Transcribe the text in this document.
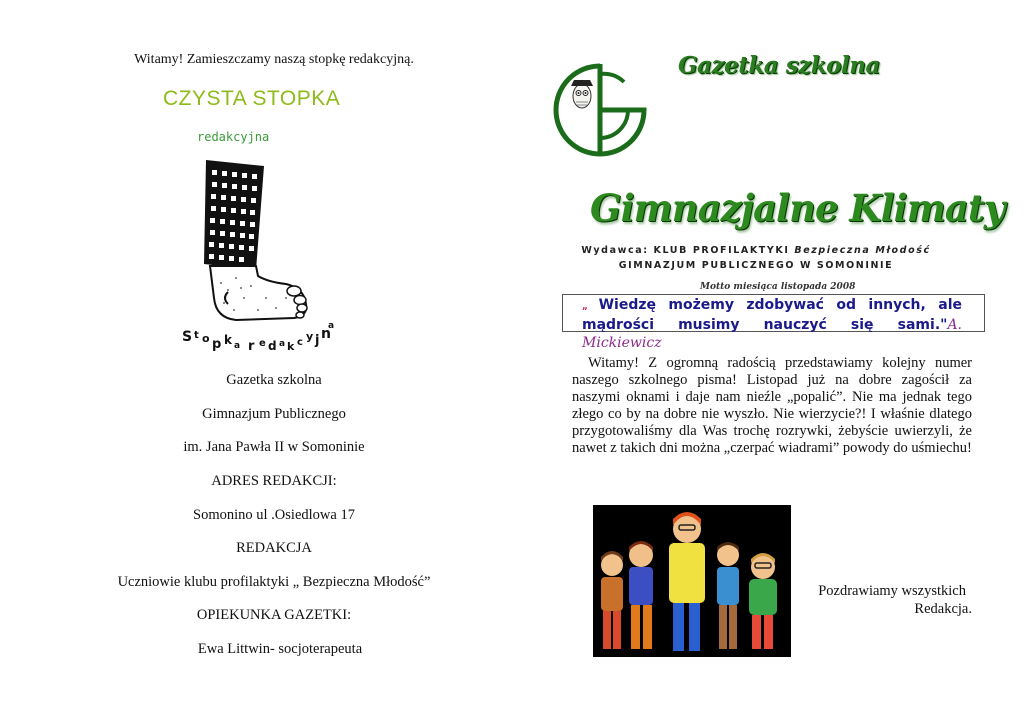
Witamy! Zamieszczamy naszą stopkę redakcyjną.
CZYSTA STOPKA
redakcyjna
S t o p k a r e d a k c y j n
a
Gazetka szkolna
Gimnazjum Publicznego
im. Jana Pawła II w Somoninie
ADRES REDAKCJI:
Somonino ul .Osiedlowa 17
REDAKCJA
Uczniowie klubu profilaktyki „ Bezpieczna Młodość”
OPIEKUNKA GAZETKI:
Ewa Littwin- socjoterapeuta
Gazetka szkolna
Gimnazjalne Klimaty
Wydawca: KLUB PROFILAKTYKI Bezpieczna Młodość
GIMNAZJUM PUBLICZNEGO W SOMONINIE
Motto miesiąca listopada 2008
„ Wiedzę możemy zdobywać od innych, ale mądrości musimy nauczyć się sami."A. Mickiewicz
Witamy! Z ogromną radością przedstawiamy kolejny numer naszego szkolnego pisma! Listopad już na dobre zagościł za naszymi oknami i daje nam nieźle „popalić”. Nie ma jednak tego złego co by na dobre nie wyszło. Nie wierzycie?! I właśnie dlatego przygotowaliśmy dla Was trochę rozrywki, żebyście uwierzyli, że nawet z takich dni można „czerpać wiadrami” powody do uśmiechu!
Pozdrawiamy wszystkich
Redakcja.
